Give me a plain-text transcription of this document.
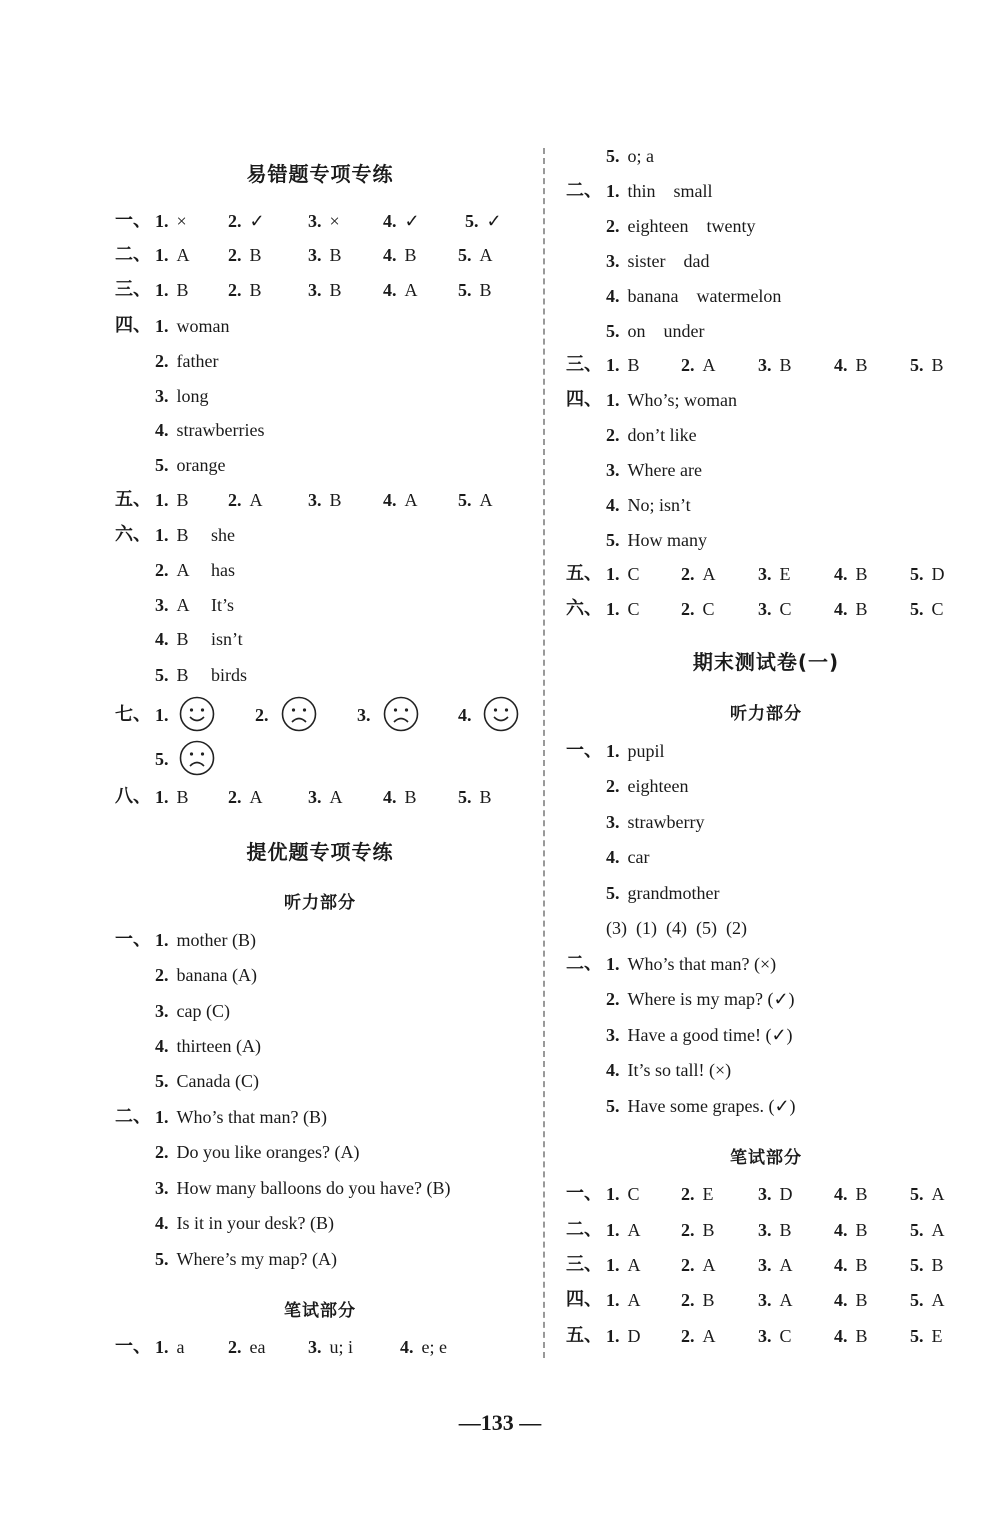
易错题专项专练
一、 1. × 2. ✓ 3. × 4. ✓	5. ✓
二、 1. A 2. B	3. B 4. B 5. A
三、 1. B 2. B	3. B 4. A 5. B
四、 1. woman
2. father
3. long
4. strawberries
5. orange
五、 1. B 2. A	3. B 4. A 5. A
六、 1. B she
2. A has
3. A It’s
4. B isn’t
5. B birds
七、 1.	2.	3.	4.
5.
八、 1. B 2. A	3. A 4. B 5. B
提优题专项专练
听力部分
一、 1. mother (B)
2. banana (A)
3. cap (C)
4. thirteen (A)
5. Canada (C)
二、 1. Who’s that man? (B)
2. Do you like oranges? (A)
3. How many balloons do you have? (B)
4. Is it in your desk? (B)
5. Where’s my map? (A)
笔试部分
一、 1. a 2. ea 3. u; i	4. e; e
5. o; a
二、 1. thin    small
2. eighteen    twenty
3. sister    dad
4. banana    watermelon
5. on    under
三、 1. B 2. A 3. B 4. B 5. B
四、 1. Who’s; woman
2. don’t like
3. Where are
4. No; isn’t
5. How many
五、 1. C 2. A 3. E 4. B 5. D
六、 1. C 2. C 3. C 4. B 5. C
期末测试卷(一)
听力部分
一、 1. pupil
2. eighteen
3. strawberry
4. car
5. grandmother
(3)  (1)  (4)  (5)  (2)
二、 1. Who’s that man? (×)
2. Where is my map? (✓)
3. Have a good time! (✓)
4. It’s so tall! (×)
5. Have some grapes. (✓)
笔试部分
一、 1. C 2. E 3. D 4. B 5. A
二、 1. A 2. B 3. B 4. B 5. A
三、 1. A 2. A 3. A 4. B 5. B
四、 1. A 2. B 3. A 4. B 5. A
五、 1. D 2. A 3. C 4. B 5. E
—133 —
